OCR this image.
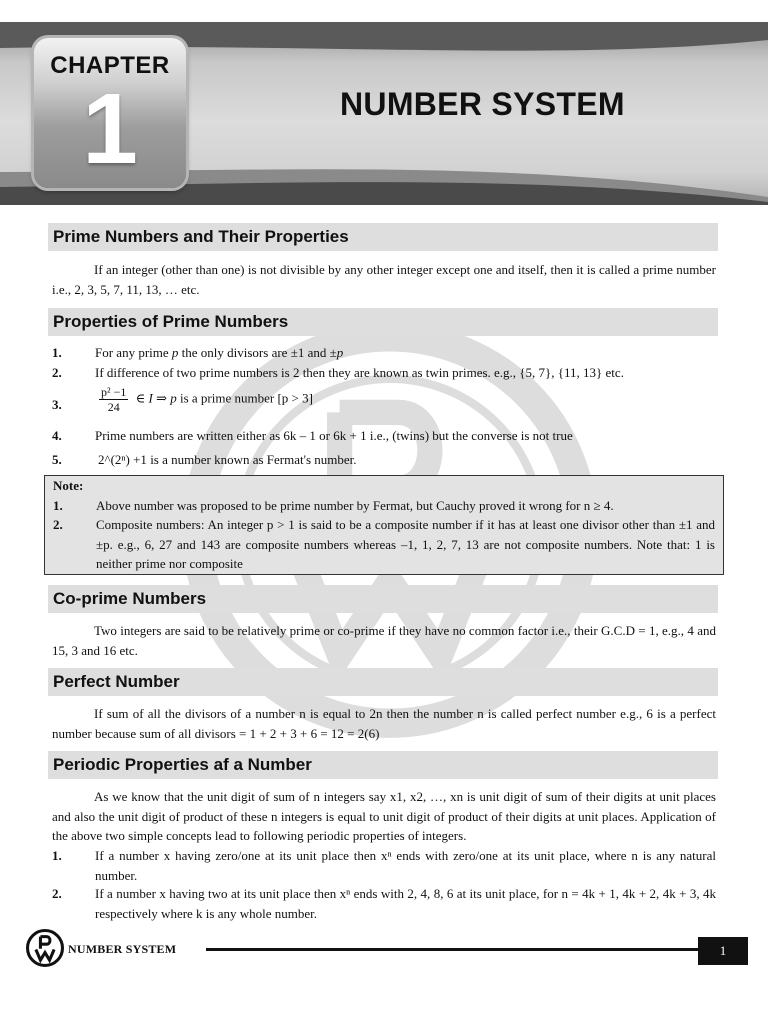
CHAPTER
1	NUMBER SYSTEM
Prime Numbers and Their Properties

If an integer (other than one) is not divisible by any other integer except one and itself, then it is called a prime number i.e., 2, 3, 5, 7, 11, 13, … etc.

Properties of Prime Numbers
1.	For any prime p the only divisors are ±1 and ±p
2.	If difference of two prime numbers is 2 then they are known as twin primes. e.g., {5, 7}, {11, 13} etc.
3.	$\frac{\text{p² −1}}{24}$ ∈ I ⇒ p is a prime number [p > 3]
4.	Prime numbers are written either as 6k – 1 or 6k + 1 i.e., (twins) but the converse is not true
5.	2^(2ⁿ) +1 is a number known as Fermat's number.
Note:
1.	Above number was proposed to be prime number by Fermat, but Cauchy proved it wrong for n ≥ 4.
2.	Composite numbers: An integer p > 1 is said to be a composite number if it has at least one divisor other than ±1 and ±p. e.g., 6, 27 and 143 are composite numbers whereas –1, 1, 2, 7, 13 are not composite numbers. Note that: 1 is neither prime nor composite
Co-prime Numbers

Two integers are said to be relatively prime or co-prime if they have no common factor i.e., their G.C.D = 1, e.g., 4 and 15, 3 and 16 etc.

Perfect Number

If sum of all the divisors of a number n is equal to 2n then the number n is called perfect number e.g., 6 is a perfect number because sum of all divisors = 1 + 2 + 3 + 6 = 12 = 2(6)

Periodic Properties af a Number

As we know that the unit digit of sum of n integers say x1, x2, …, xn is unit digit of sum of their digits at unit places and also the unit digit of product of these n integers is equal to unit digit of product of their digits at unit places. Application of the above two simple concepts lead to following periodic properties of integers.

1.	If a number x having zero/one at its unit place then xⁿ ends with zero/one at its unit place, where n is any natural number.
2.	If a number x having two at its unit place then xⁿ ends with 2, 4, 8, 6 at its unit place, for n = 4k + 1, 4k + 2, 4k + 3, 4k respectively where k is any whole number.
NUMBER SYSTEM	1
